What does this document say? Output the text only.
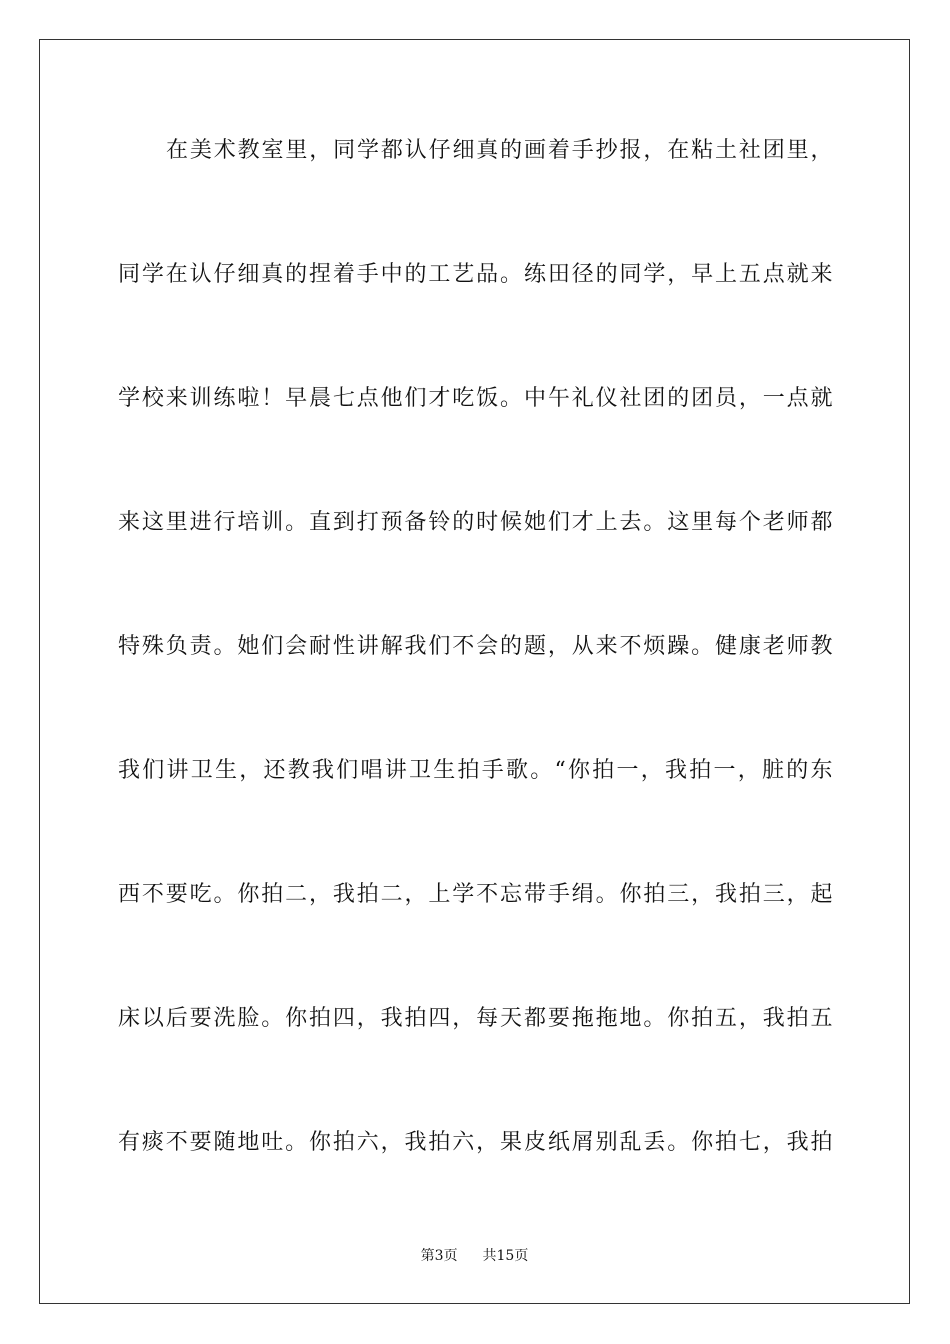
在美术教室里，同学都认仔细真的画着手抄报，在粘土社团里，
同学在认仔细真的捏着手中的工艺品。练田径的同学，早上五点就来
学校来训练啦！早晨七点他们才吃饭。中午礼仪社团的团员，一点就
来这里进行培训。直到打预备铃的时候她们才上去。这里每个老师都
特殊负责。她们会耐性讲解我们不会的题，从来不烦躁。健康老师教
我们讲卫生，还教我们唱讲卫生拍手歌。“你拍一，我拍一，脏的东
西不要吃。你拍二，我拍二，上学不忘带手绢。你拍三，我拍三，起
床以后要洗脸。你拍四，我拍四，每天都要拖拖地。你拍五，我拍五
有痰不要随地吐。你拍六，我拍六，果皮纸屑别乱丢。你拍七，我拍
第3页 共15页
